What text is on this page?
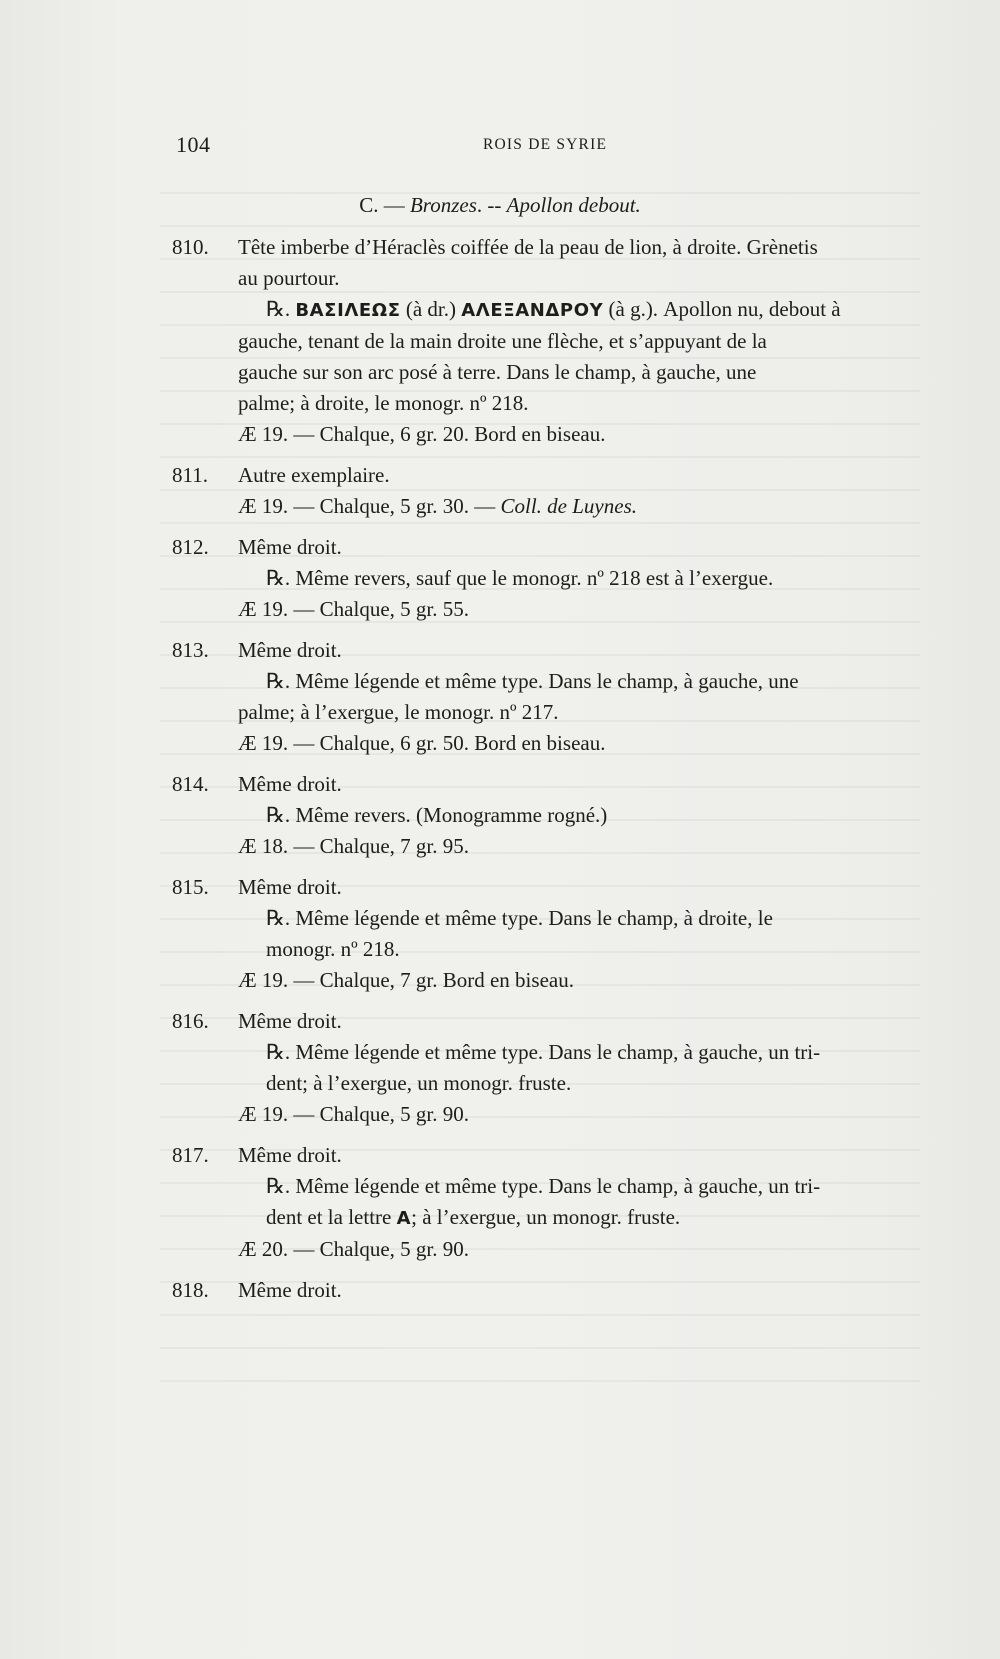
104	ROIS DE SYRIE
C. — Bronzes. -- Apollon debout.
810. Tête imberbe d’Héraclès coiffée de la peau de lion, à droite. Grènetis
au pourtour.
℞. ΒΑΣΙΛΕΩΣ (à dr.) ΑΛΕΞΑΝΔΡΟΥ (à g.). Apollon nu, debout à
gauche, tenant de la main droite une flèche, et s’appuyant de la
gauche sur son arc posé à terre. Dans le champ, à gauche, une
palme; à droite, le monogr. nº 218.
Æ 19. — Chalque, 6 gr. 20. Bord en biseau.
811. Autre exemplaire.
Æ 19. — Chalque, 5 gr. 30. — Coll. de Luynes.
812. Même droit.
℞. Même revers, sauf que le monogr. nº 218 est à l’exergue.
Æ 19. — Chalque, 5 gr. 55.
813. Même droit.
℞. Même légende et même type. Dans le champ, à gauche, une
palme; à l’exergue, le monogr. nº 217.
Æ 19. — Chalque, 6 gr. 50. Bord en biseau.
814. Même droit.
℞. Même revers. (Monogramme rogné.)
Æ 18. — Chalque, 7 gr. 95.
815. Même droit.
℞. Même légende et même type. Dans le champ, à droite, le
monogr. nº 218.
Æ 19. — Chalque, 7 gr. Bord en biseau.
816. Même droit.
℞. Même légende et même type. Dans le champ, à gauche, un tri-
dent; à l’exergue, un monogr. fruste.
Æ 19. — Chalque, 5 gr. 90.
817. Même droit.
℞. Même légende et même type. Dans le champ, à gauche, un tri-
dent et la lettre A; à l’exergue, un monogr. fruste.
Æ 20. — Chalque, 5 gr. 90.
818. Même droit.
